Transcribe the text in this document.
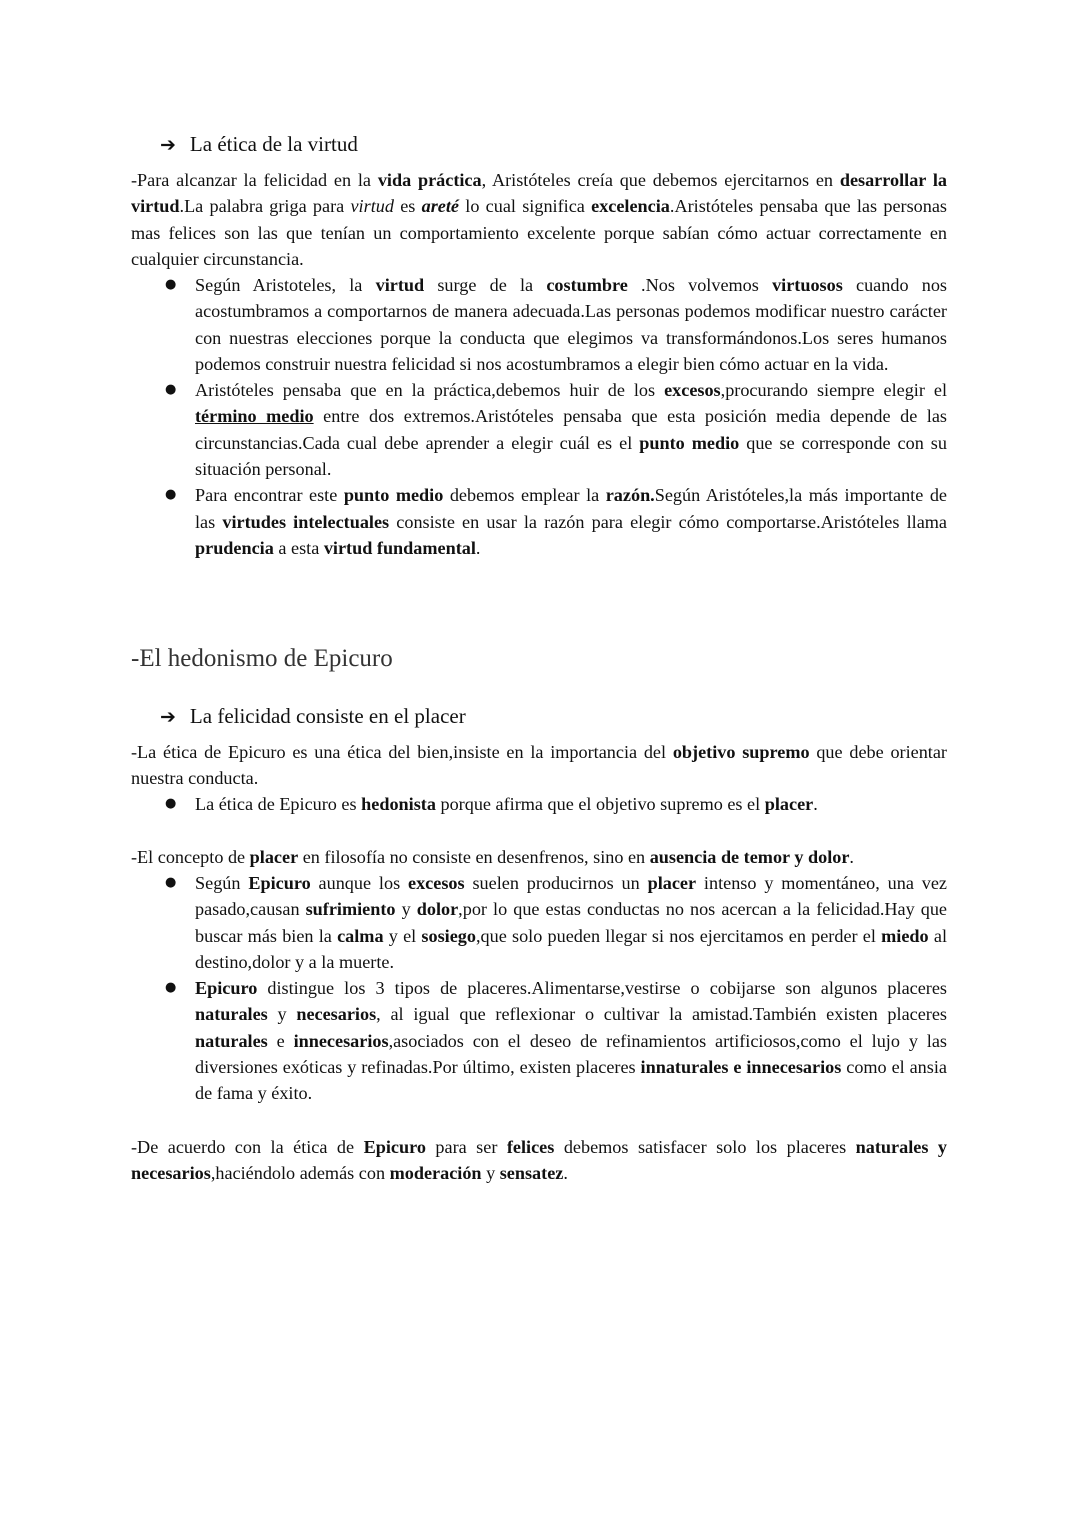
➔ La ética de la virtud

-Para alcanzar la felicidad en la vida práctica, Aristóteles creía que debemos ejercitarnos en desarrollar la virtud.La palabra griga para virtud es areté lo cual significa excelencia.Aristóteles pensaba que las personas mas felices son las que tenían un comportamiento excelente porque sabían cómo actuar correctamente en cualquier circunstancia.

● Según Aristoteles, la virtud surge de la costumbre .Nos volvemos virtuosos cuando nos acostumbramos a comportarnos de manera adecuada.Las personas podemos modificar nuestro carácter con nuestras elecciones porque la conducta que elegimos va transformándonos.Los seres humanos podemos construir nuestra felicidad si nos acostumbramos a elegir bien cómo actuar en la vida.
● Aristóteles pensaba que en la práctica,debemos huir de los excesos,procurando siempre elegir el término medio entre dos extremos.Aristóteles pensaba que esta posición media depende de las circunstancias.Cada cual debe aprender a elegir cuál es el punto medio que se corresponde con su situación personal.
● Para encontrar este punto medio debemos emplear la razón.Según Aristóteles,la más importante de las virtudes intelectuales consiste en usar la razón para elegir cómo comportarse.Aristóteles llama prudencia a esta virtud fundamental.
-El hedonismo de Epicuro
➔ La felicidad consiste en el placer

-La ética de Epicuro es una ética del bien,insiste en la importancia del objetivo supremo que debe orientar nuestra conducta.

● La ética de Epicuro es hedonista porque afirma que el objetivo supremo es el placer.

-El concepto de placer en filosofía no consiste en desenfrenos, sino en ausencia de temor y dolor.

● Según Epicuro aunque los excesos suelen producirnos un placer intenso y momentáneo, una vez pasado,causan sufrimiento y dolor,por lo que estas conductas no nos acercan a la felicidad.Hay que buscar más bien la calma y el sosiego,que solo pueden llegar si nos ejercitamos en perder el miedo al destino,dolor y a la muerte.
● Epicuro distingue los 3 tipos de placeres.Alimentarse,vestirse o cobijarse son algunos placeres naturales y necesarios, al igual que reflexionar o cultivar la amistad.También existen placeres naturales e innecesarios,asociados con el deseo de refinamientos artificiosos,como el lujo y las diversiones exóticas y refinadas.Por último, existen placeres innaturales e innecesarios como el ansia de fama y éxito.

-De acuerdo con la ética de Epicuro para ser felices debemos satisfacer solo los placeres naturales y necesarios,haciéndolo además con moderación y sensatez.
